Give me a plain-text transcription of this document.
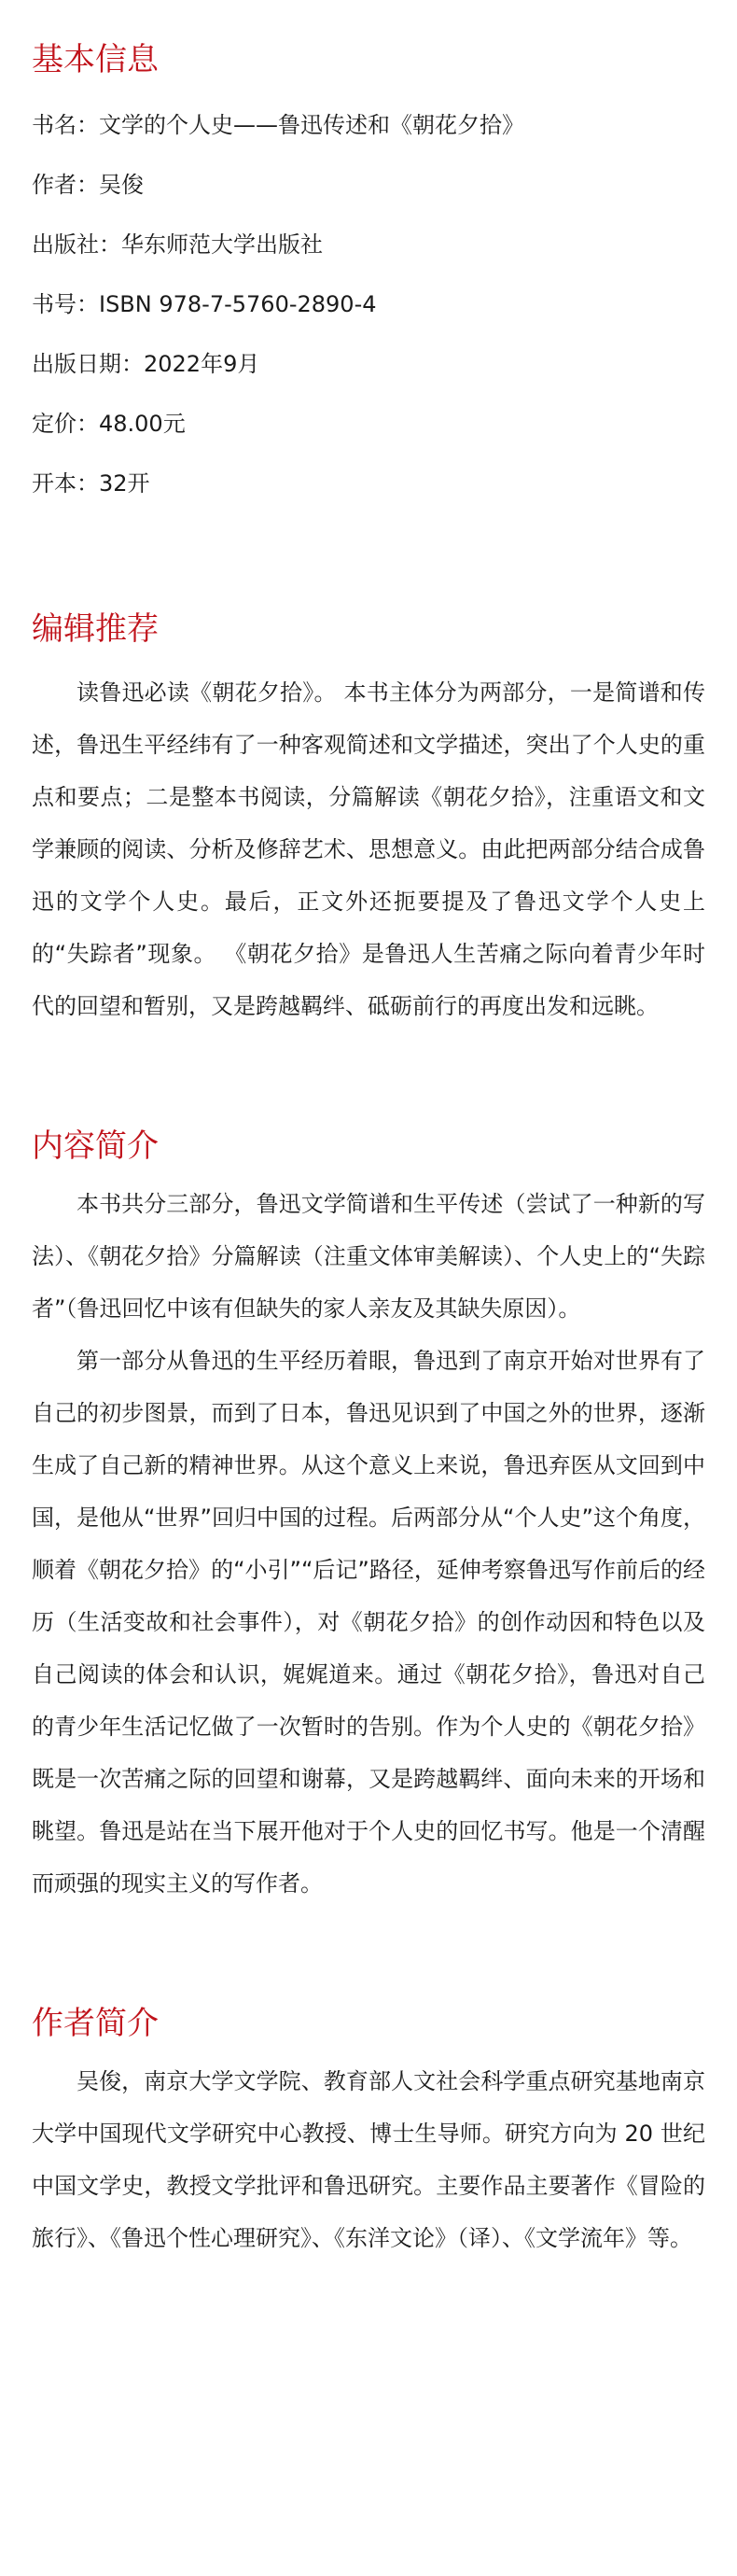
基本信息

书名：文学的个人史——鲁迅传述和《朝花夕拾》

作者：吴俊

出版社：华东师范大学出版社

书号：ISBN 978-7-5760-2890-4

出版日期：2022年9月

定价：48.00元

开本：32开

编辑推荐

读鲁迅必读《朝花夕拾》。 本书主体分为两部分，一是简谱和传述，鲁迅生平经纬有了一种客观简述和文学描述，突出了个人史的重点和要点；二是整本书阅读，分篇解读《朝花夕拾》，注重语文和文学兼顾的阅读、分析及修辞艺术、思想意义。由此把两部分结合成鲁迅的文学个人史。最后，正文外还扼要提及了鲁迅文学个人史上的“失踪者”现象。 《朝花夕拾》是鲁迅人生苦痛之际向着青少年时代的回望和暂别，又是跨越羁绊、砥砺前行的再度出发和远眺。

内容简介

本书共分三部分，鲁迅文学简谱和生平传述（尝试了一种新的写法）、《朝花夕拾》分篇解读（注重文体审美解读）、个人史上的“失踪者”（鲁迅回忆中该有但缺失的家人亲友及其缺失原因）。

第一部分从鲁迅的生平经历着眼，鲁迅到了南京开始对世界有了自己的初步图景，而到了日本，鲁迅见识到了中国之外的世界，逐渐生成了自己新的精神世界。从这个意义上来说，鲁迅弃医从文回到中国，是他从“世界”回归中国的过程。后两部分从“个人史”这个角度，顺着《朝花夕拾》的“小引”“后记”路径，延伸考察鲁迅写作前后的经历（生活变故和社会事件），对《朝花夕拾》的创作动因和特色以及自己阅读的体会和认识，娓娓道来。通过《朝花夕拾》，鲁迅对自己的青少年生活记忆做了一次暂时的告别。作为个人史的《朝花夕拾》既是一次苦痛之际的回望和谢幕，又是跨越羁绊、面向未来的开场和眺望。鲁迅是站在当下展开他对于个人史的回忆书写。他是一个清醒而顽强的现实主义的写作者。

作者简介

吴俊，南京大学文学院、教育部人文社会科学重点研究基地南京大学中国现代文学研究中心教授、博士生导师。研究方向为 20 世纪中国文学史，教授文学批评和鲁迅研究。主要作品主要著作《冒险的旅行》、《鲁迅个性心理研究》、《东洋文论》（译）、《文学流年》等。
